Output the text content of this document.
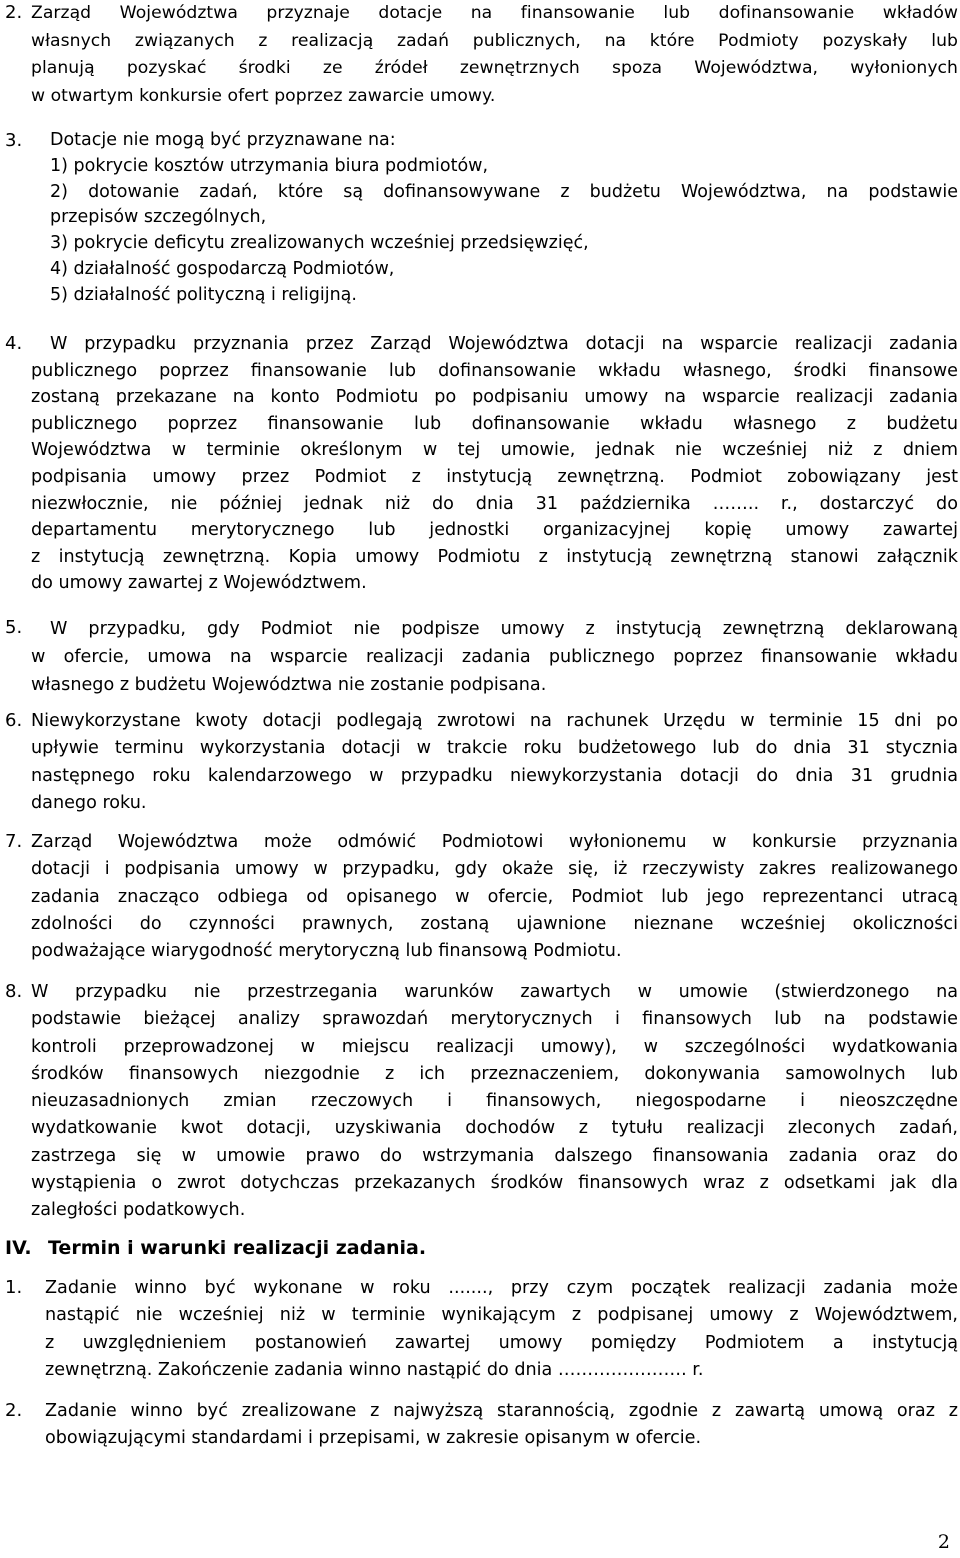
2. Zarząd Województwa przyznaje dotacje na finansowanie lub dofinansowanie wkładów
własnych związanych z realizacją zadań publicznych, na które Podmioty pozyskały lub
planują pozyskać środki ze źródeł zewnętrznych spoza Województwa, wyłonionych
w otwartym konkursie ofert poprzez zawarcie umowy.
3. Dotacje nie mogą być przyznawane na:
1) pokrycie kosztów utrzymania biura podmiotów,
2) dotowanie zadań, które są dofinansowywane z budżetu Województwa, na podstawie
przepisów szczególnych,
3) pokrycie deficytu zrealizowanych wcześniej przedsięwzięć,
4) działalność gospodarczą Podmiotów,
5) działalność polityczną i religijną.
4.	W przypadku przyznania przez Zarząd Województwa dotacji na wsparcie realizacji zadania
publicznego poprzez finansowanie lub dofinansowanie wkładu własnego, środki finansowe
zostaną przekazane na konto Podmiotu po podpisaniu umowy na wsparcie realizacji zadania
publicznego poprzez finansowanie lub dofinansowanie wkładu własnego z budżetu
Województwa w terminie określonym w tej umowie, jednak nie wcześniej niż z dniem
podpisania umowy przez Podmiot z instytucją zewnętrzną. Podmiot zobowiązany jest
niezwłocznie, nie później jednak niż do dnia 31 października …….. r., dostarczyć do
departamentu merytorycznego lub jednostki organizacyjnej kopię umowy zawartej
z instytucją zewnętrzną. Kopia umowy Podmiotu z instytucją zewnętrzną stanowi załącznik
do umowy zawartej z Województwem.
5.	W przypadku, gdy Podmiot nie podpisze umowy z instytucją zewnętrzną deklarowaną
w ofercie, umowa na wsparcie realizacji zadania publicznego poprzez finansowanie wkładu
własnego z budżetu Województwa nie zostanie podpisana.
6. Niewykorzystane kwoty dotacji podlegają zwrotowi na rachunek Urzędu w terminie 15 dni po
upływie terminu wykorzystania dotacji w trakcie roku budżetowego lub do dnia 31 stycznia
następnego roku kalendarzowego w przypadku niewykorzystania dotacji do dnia 31 grudnia
danego roku.
7. Zarząd Województwa może odmówić Podmiotowi wyłonionemu w konkursie przyznania
dotacji i podpisania umowy w przypadku, gdy okaże się, iż rzeczywisty zakres realizowanego
zadania znacząco odbiega od opisanego w ofercie, Podmiot lub jego reprezentanci utracą
zdolności do czynności prawnych, zostaną ujawnione nieznane wcześniej okoliczności
podważające wiarygodność merytoryczną lub finansową Podmiotu.
8. W przypadku nie przestrzegania warunków zawartych w umowie (stwierdzonego na
podstawie bieżącej analizy sprawozdań merytorycznych i finansowych lub na podstawie
kontroli przeprowadzonej w miejscu realizacji umowy), w szczególności wydatkowania
środków finansowych niezgodnie z ich przeznaczeniem, dokonywania samowolnych lub
nieuzasadnionych zmian rzeczowych i finansowych, niegospodarne i nieoszczędne
wydatkowanie kwot dotacji, uzyskiwania dochodów z tytułu realizacji zleconych zadań,
zastrzega się w umowie prawo do wstrzymania dalszego finansowania zadania oraz do
wystąpienia o zwrot dotychczas przekazanych środków finansowych wraz z odsetkami jak dla
zaległości podatkowych.
IV. Termin i warunki realizacji zadania.
1. Zadanie winno być wykonane w roku ......., przy czym początek realizacji zadania może
nastąpić nie wcześniej niż w terminie wynikającym z podpisanej umowy z Województwem,
z uwzględnieniem postanowień zawartej umowy pomiędzy Podmiotem a instytucją
zewnętrzną. Zakończenie zadania winno nastąpić do dnia …………………. r.
2. Zadanie winno być zrealizowane z najwyższą starannością, zgodnie z zawartą umową oraz z
obowiązującymi standardami i przepisami, w zakresie opisanym w ofercie.
2
